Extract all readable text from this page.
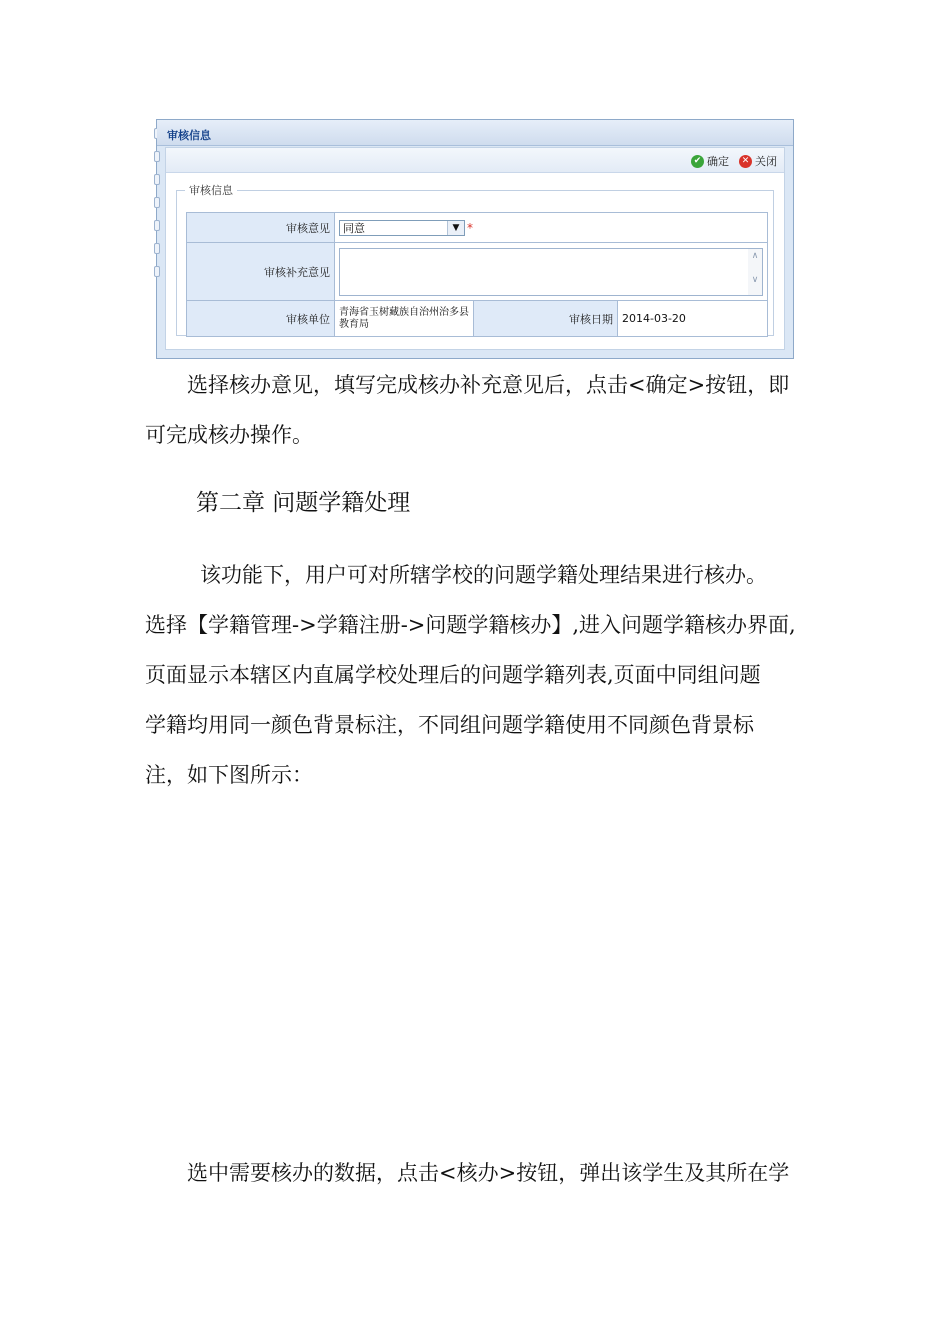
审核信息
✔ 确定	✕ 关闭
审核信息
审核意见	同意 ▼ *		
审核补充意见	∧
∨		

审核单位	青海省玉树藏族自治州治多县教育局	审核日期	2014-03-20
选择核办意见，填写完成核办补充意见后，点击<确定>按钮，即
可完成核办操作。
第二章 问题学籍处理
该功能下，用户可对所辖学校的问题学籍处理结果进行核办。
选择【学籍管理->学籍注册->问题学籍核办】,进入问题学籍核办界面,
页面显示本辖区内直属学校处理后的问题学籍列表,页面中同组问题
学籍均用同一颜色背景标注，不同组问题学籍使用不同颜色背景标
注，如下图所示：
选中需要核办的数据，点击<核办>按钮，弹出该学生及其所在学
